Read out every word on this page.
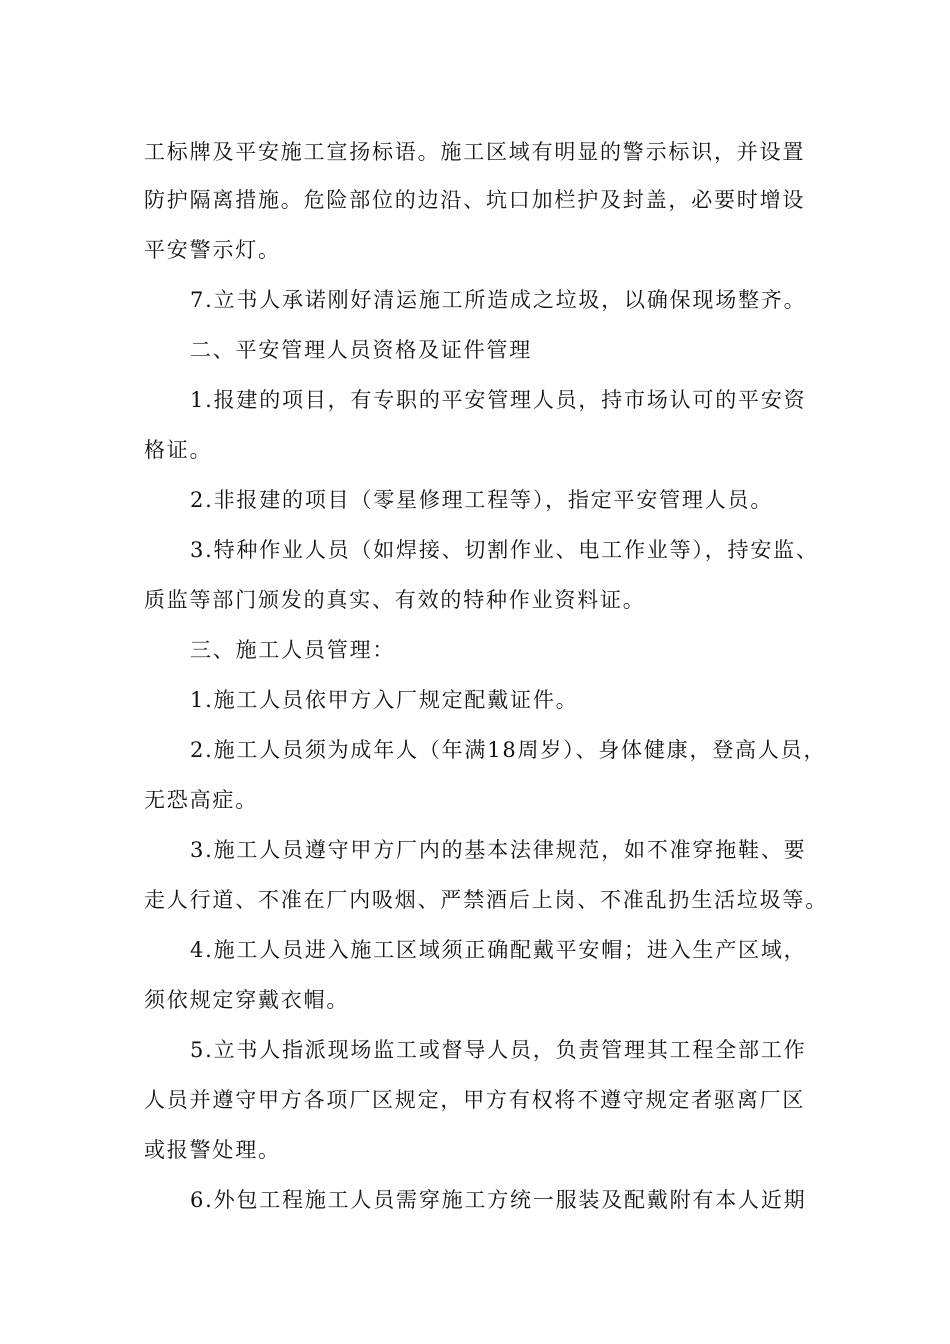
工标牌及平安施工宣扬标语。施工区域有明显的警示标识，并设置
防护隔离措施。危险部位的边沿、坑口加栏护及封盖，必要时增设
平安警示灯。
7.立书人承诺刚好清运施工所造成之垃圾，以确保现场整齐。
二、平安管理人员资格及证件管理
1.报建的项目，有专职的平安管理人员，持市场认可的平安资
格证。
2.非报建的项目（零星修理工程等），指定平安管理人员。
3.特种作业人员（如焊接、切割作业、电工作业等），持安监、
质监等部门颁发的真实、有效的特种作业资料证。
三、施工人员管理：
1.施工人员依甲方入厂规定配戴证件。
2.施工人员须为成年人（年满18周岁）、身体健康，登高人员，
无恐高症。
3.施工人员遵守甲方厂内的基本法律规范，如不准穿拖鞋、要
走人行道、不准在厂内吸烟、严禁酒后上岗、不准乱扔生活垃圾等。
4.施工人员进入施工区域须正确配戴平安帽；进入生产区域，
须依规定穿戴衣帽。
5.立书人指派现场监工或督导人员，负责管理其工程全部工作
人员并遵守甲方各项厂区规定，甲方有权将不遵守规定者驱离厂区
或报警处理。
6.外包工程施工人员需穿施工方统一服装及配戴附有本人近期
